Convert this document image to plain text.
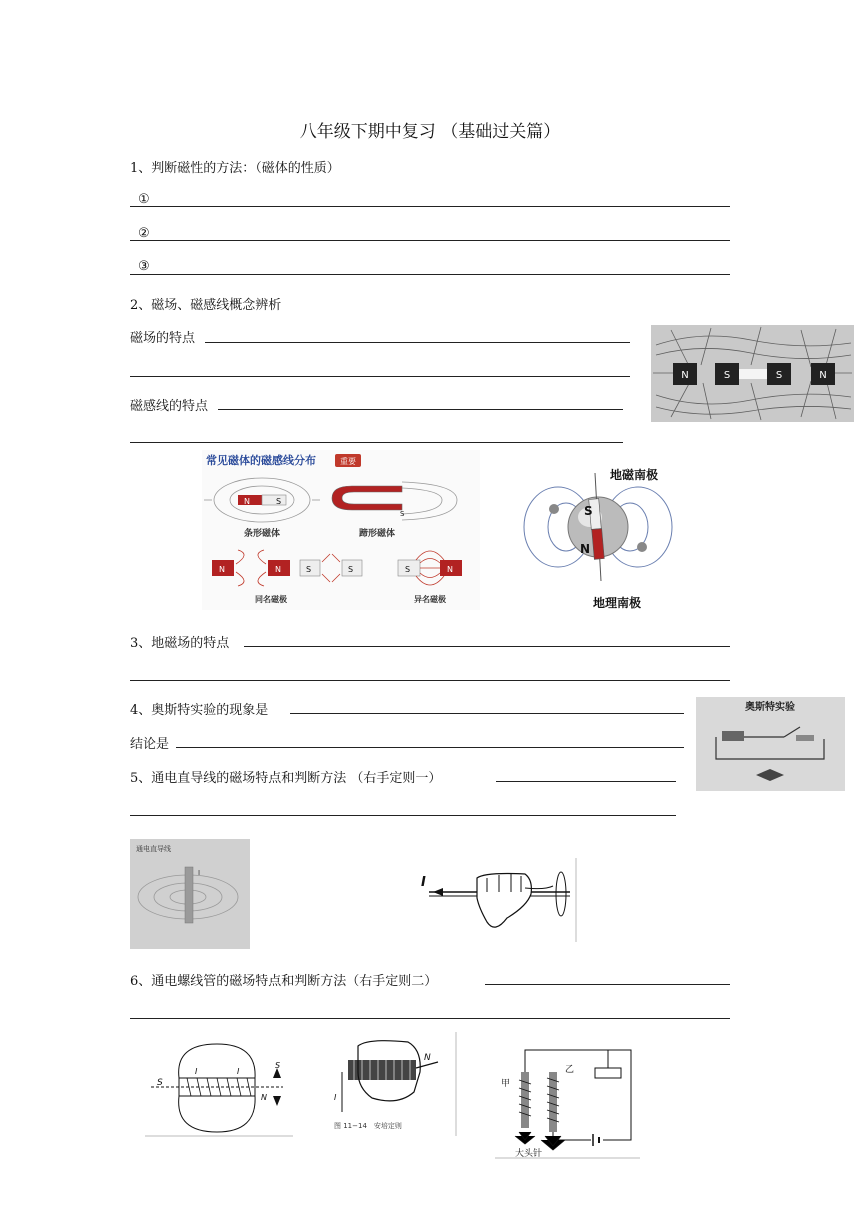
八年级下期中复习 （基础过关篇）
1、判断磁性的方法：（磁体的性质）
①
②
③
2、磁场、磁感线概念辨析
磁场的特点
磁感线的特点
N	S	S	N
常见磁体的磁感线分布	重要
N	S
条形磁体
S
蹄形磁体
N	N	S	S
同名磁极
S	N
异名磁极
S
N
地磁南极
地理南极
3、地磁场的特点
4、奥斯特实验的现象是
结论是
奥斯特实验
5、通电直导线的磁场特点和判断方法 （右手定则一）
通电直导线
I
I
6、通电螺线管的磁场特点和判断方法（右手定则二）
S
I	I
S
N
N
I
图 11−14　安培定则
甲
乙
大头针
